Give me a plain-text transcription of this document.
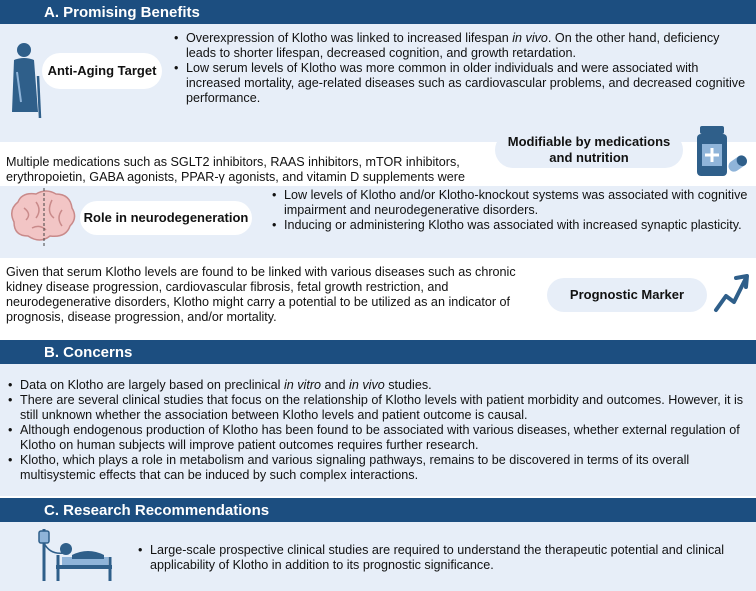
A. Promising Benefits
Anti-Aging Target
• Overexpression of Klotho was linked to increased lifespan in vivo. On the other hand, deficiency leads to shorter lifespan, decreased cognition, and growth retardation.
• Low serum levels of Klotho was more common in older individuals and were associated with increased mortality, age-related diseases such as cardiovascular problems, and decreased cognitive performance.
Multiple medications such as SGLT2 inhibitors, RAAS inhibitors, mTOR inhibitors, erythropoietin, GABA agonists, PPAR-γ agonists, and vitamin D supplements were
Modifiable by medications and nutrition
Role in neurodegeneration
• Low levels of Klotho and/or Klotho-knockout systems was associated with cognitive impairment and neurodegenerative disorders.
• Inducing or administering Klotho was associated with increased synaptic plasticity.
Given that serum Klotho levels are found to be linked with various diseases such as chronic kidney disease progression, cardiovascular fibrosis, fetal growth restriction, and neurodegenerative disorders, Klotho might carry a potential to be utilized as an indicator of prognosis, disease progression, and/or mortality.
Prognostic Marker
B. Concerns
• Data on Klotho are largely based on preclinical in vitro and in vivo studies.
• There are several clinical studies that focus on the relationship of Klotho levels with patient morbidity and outcomes. However, it is still unknown whether the association between Klotho levels and patient outcome is causal.
• Although endogenous production of Klotho has been found to be associated with various diseases, whether external regulation of Klotho on human subjects will improve patient outcomes requires further research.
• Klotho, which plays a role in metabolism and various signaling pathways, remains to be discovered in terms of its overall multisystemic effects that can be induced by such complex interactions.
C. Research Recommendations
• Large-scale prospective clinical studies are required to understand the therapeutic potential and clinical applicability of Klotho in addition to its prognostic significance.
